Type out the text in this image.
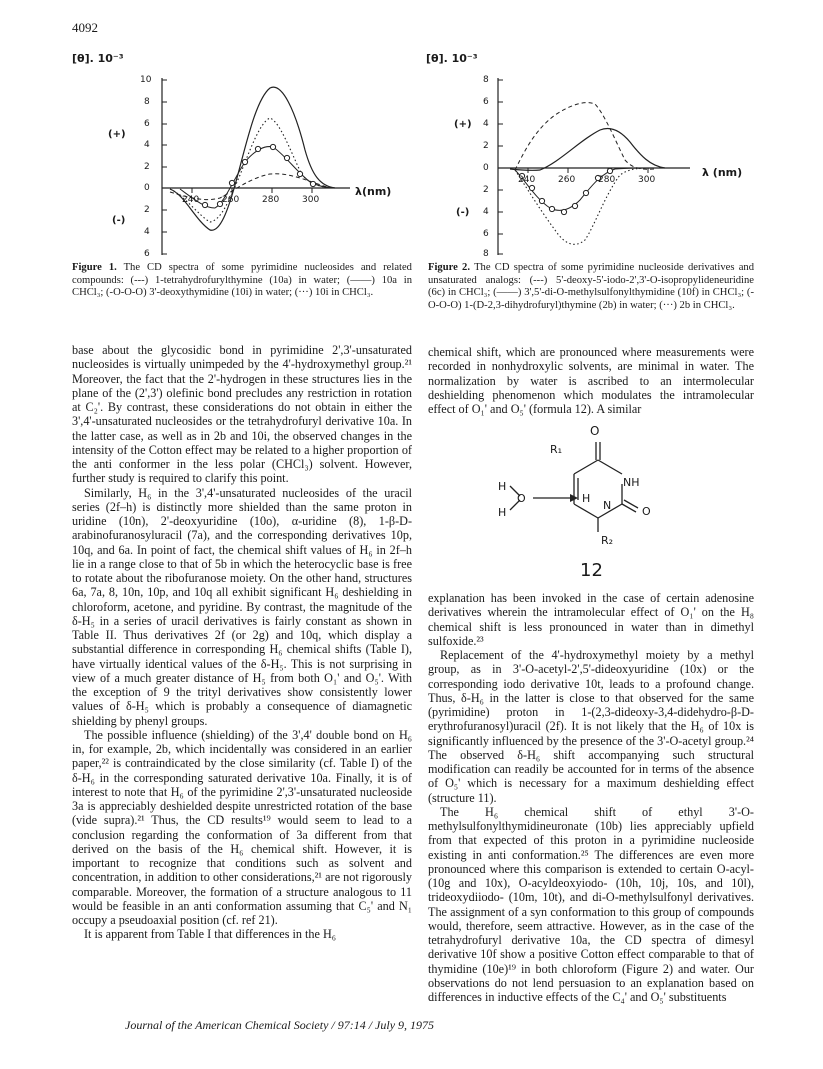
4092
[θ]. 10⁻³
10
8
6
4
2
0
2
4
6
(+)
(-)
240	260	280	300
λ(nm)
Figure 1. The CD spectra of some pyrimidine nucleosides and related compounds: (---) 1-tetrahydrofurylthymine (10a) in water; (——) 10a in CHCl₃; (-O-O-O) 3'-deoxythymidine (10i) in water; (···) 10i in CHCl₃.
[θ]. 10⁻³
8
6
4
2
0
2
4
6
8
(+)
(-)
240	260	280	300
λ (nm)
Figure 2. The CD spectra of some pyrimidine nucleoside derivatives and unsaturated analogs: (---) 5'-deoxy-5'-iodo-2',3'-O-isopropylideneuridine (6c) in CHCl₃; (——) 3',5'-di-O-methylsulfonylthymidine (10f) in CHCl₃; (-O-O-O) 1-(D-2,3-dihydrofuryl)thymine (2b) in water; (···) 2b in CHCl₃.

base about the glycosidic bond in pyrimidine 2',3'-unsaturated nucleosides is virtually unimpeded by the 4'-hydroxymethyl group.²¹ Moreover, the fact that the 2'-hydrogen in these structures lies in the plane of the (2',3') olefinic bond precludes any restriction in rotation at C₂'. By contrast, these considerations do not obtain in either the 3',4'-unsaturated nucleosides or the tetrahydrofuryl derivative 10a. In the latter case, as well as in 2b and 10i, the observed changes in the intensity of the Cotton effect may be related to a higher proportion of the anti conformer in the less polar (CHCl₃) solvent. However, further study is required to clarify this point.

Similarly, H₆ in the 3',4'-unsaturated nucleosides of the uracil series (2f–h) is distinctly more shielded than the same proton in uridine (10n), 2'-deoxyuridine (10o), α-uridine (8), 1-β-D-arabinofuranosyluracil (7a), and the corresponding derivatives 10p, 10q, and 6a. In point of fact, the chemical shift values of H₆ in 2f–h lie in a range close to that of 5b in which the heterocyclic base is free to rotate about the ribofuranose moiety. On the other hand, structures 6a, 7a, 8, 10n, 10p, and 10q all exhibit significant H₆ deshielding in chloroform, acetone, and pyridine. By contrast, the magnitude of the δ-H₅ in a series of uracil derivatives is fairly constant as shown in Table II. Thus derivatives 2f (or 2g) and 10q, which display a substantial difference in corresponding H₆ chemical shifts (Table I), have virtually identical values of the δ-H₅. This is not surprising in view of a much greater distance of H₅ from both O₁' and O₅'. With the exception of 9 the trityl derivatives show consistently lower values of δ-H₅ which is probably a consequence of diamagnetic shielding by phenyl groups.

The possible influence (shielding) of the 3',4' double bond on H₆ in, for example, 2b, which incidentally was considered in an earlier paper,²² is contraindicated by the close similarity (cf. Table I) of the δ-H₆ in the corresponding saturated derivative 10a. Finally, it is of interest to note that H₆ of the pyrimidine 2',3'-unsaturated nucleoside 3a is appreciably deshielded despite unrestricted rotation of the base (vide supra).²¹ Thus, the CD results¹⁹ would seem to lead to a conclusion regarding the conformation of 3a different from that derived on the basis of the H₆ chemical shift. However, it is important to recognize that conditions such as solvent and concentration, in addition to other considerations,²¹ are not rigorously comparable. Moreover, the formation of a structure analogous to 11 would be feasible in an anti conformation assuming that C₅' and N₁ occupy a pseudoaxial position (cf. ref 21).

It is apparent from Table I that differences in the H₆

chemical shift, which are pronounced where measurements were recorded in nonhydroxylic solvents, are minimal in water. The normalization by water is ascribed to an intermolecular deshielding phenomenon which modulates the intramolecular effect of O₁' and O₅' (formula 12). A similar

O
R₁
NH
H
O	H
N	O
H
R₂
12

explanation has been invoked in the case of certain adenosine derivatives wherein the intramolecular effect of O₁' on the H₈ chemical shift is less pronounced in water than in dimethyl sulfoxide.²³

Replacement of the 4'-hydroxymethyl moiety by a methyl group, as in 3'-O-acetyl-2',5'-dideoxyuridine (10x) or the corresponding iodo derivative 10t, leads to a profound change. Thus, δ-H₆ in the latter is close to that observed for the same (pyrimidine) proton in 1-(2,3-dideoxy-3,4-didehydro-β-D-erythrofuranosyl)uracil (2f). It is not likely that the H₆ of 10x is significantly influenced by the presence of the 3'-O-acetyl group.²⁴ The observed δ-H₆ shift accompanying such structural modification can readily be accounted for in terms of the absence of O₅' which is necessary for a maximum deshielding effect (structure 11).

The H₆ chemical shift of ethyl 3'-O-methylsulfonylthymidineuronate (10b) lies appreciably upfield from that expected of this proton in a pyrimidine nucleoside existing in anti conformation.²⁵ The differences are even more pronounced where this comparison is extended to certain O-acyl- (10g and 10x), O-acyldeoxyiodo- (10h, 10j, 10s, and 10l), trideoxydiiodo- (10m, 10t), and di-O-methylsulfonyl derivatives. The assignment of a syn conformation to this group of compounds would, therefore, seem attractive. However, as in the case of the tetrahydrofuryl derivative 10a, the CD spectra of dimesyl derivative 10f show a positive Cotton effect comparable to that of thymidine (10e)¹⁹ in both chloroform (Figure 2) and water. Our observations do not lend persuasion to an explanation based on differences in inductive effects of the C₄' and O₅' substituents

Journal of the American Chemical Society / 97:14 / July 9, 1975
